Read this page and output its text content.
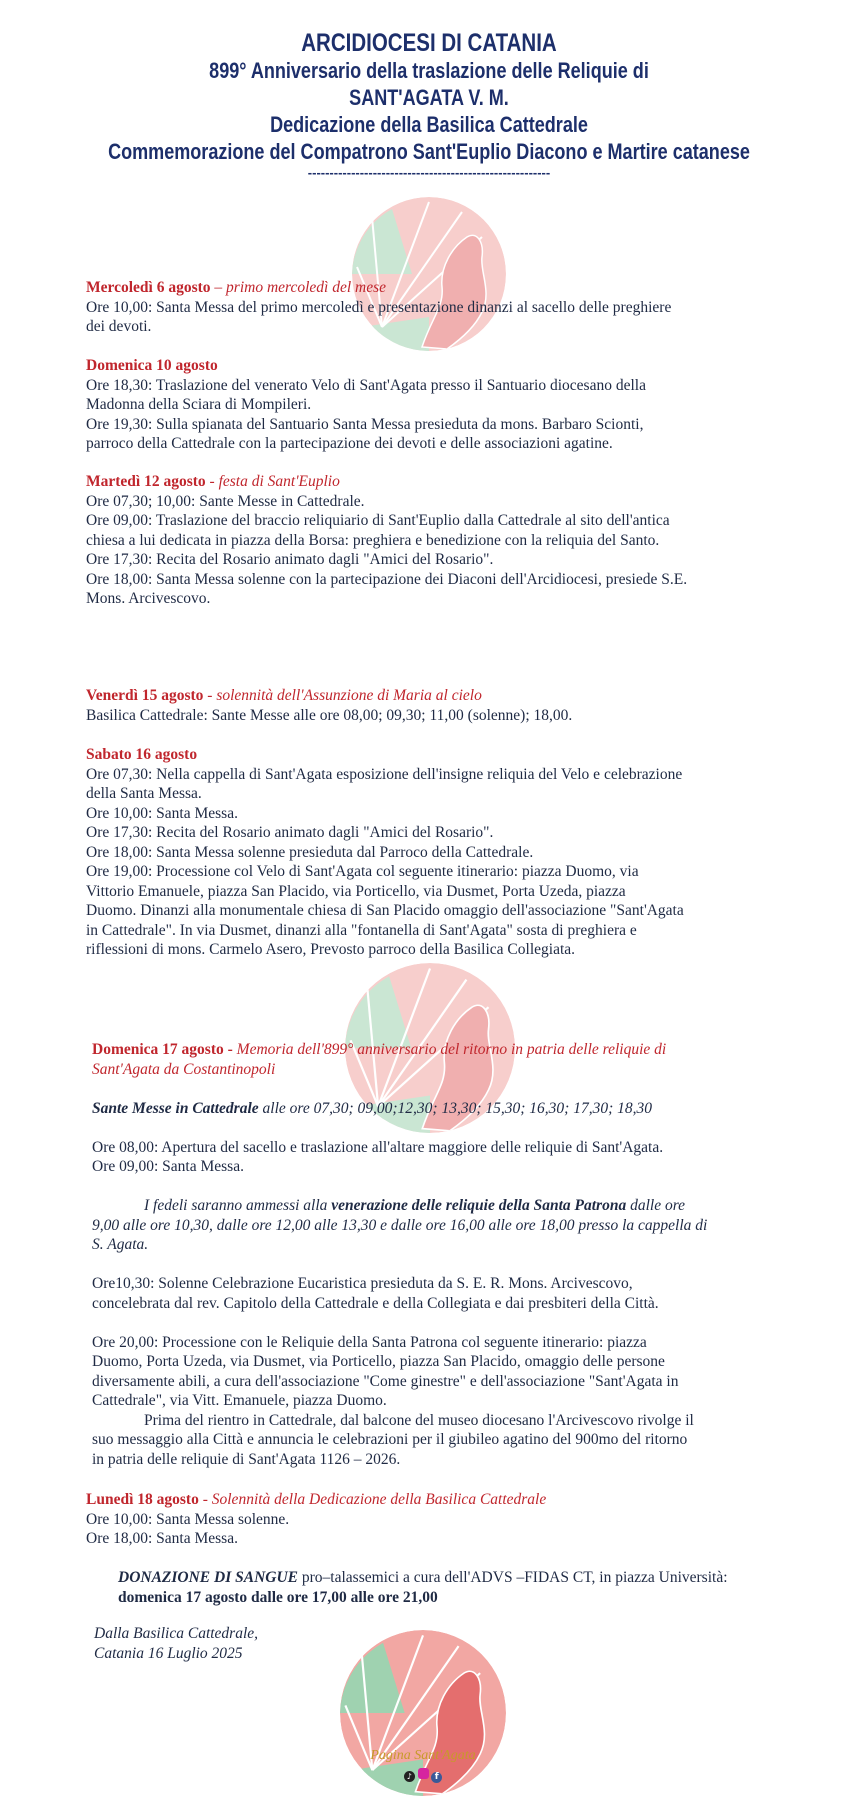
ARCIDIOCESI DI CATANIA
899° Anniversario della traslazione delle Reliquie di
SANT'AGATA V. M.
Dedicazione della Basilica Cattedrale
Commemorazione del Compatrono Sant'Euplio Diacono e Martire catanese
--------------------------------------------------------
Mercoledì 6 agosto – primo mercoledì del mese
Ore 10,00: Santa Messa del primo mercoledì e presentazione dinanzi al sacello delle preghiere
dei devoti.
Domenica 10 agosto
Ore 18,30: Traslazione del venerato Velo di Sant'Agata presso il Santuario diocesano della
Madonna della Sciara di Mompileri.
Ore 19,30: Sulla spianata del Santuario Santa Messa presieduta da mons. Barbaro Scionti,
parroco della Cattedrale con la partecipazione dei devoti e delle associazioni agatine.
Martedì 12 agosto - festa di Sant'Euplio
Ore 07,30; 10,00: Sante Messe in Cattedrale.
Ore 09,00: Traslazione del braccio reliquiario di Sant'Euplio dalla Cattedrale al sito dell'antica
chiesa a lui dedicata in piazza della Borsa: preghiera e benedizione con la reliquia del Santo.
Ore 17,30: Recita del Rosario animato dagli "Amici del Rosario".
Ore 18,00: Santa Messa solenne con la partecipazione dei Diaconi dell'Arcidiocesi, presiede S.E.
Mons. Arcivescovo.
Venerdì 15 agosto - solennità dell'Assunzione di Maria al cielo
Basilica Cattedrale: Sante Messe alle ore 08,00; 09,30; 11,00 (solenne); 18,00.
Sabato 16 agosto
Ore 07,30: Nella cappella di Sant'Agata esposizione dell'insigne reliquia del Velo e celebrazione
della Santa Messa.
Ore 10,00: Santa Messa.
Ore 17,30: Recita del Rosario animato dagli "Amici del Rosario".
Ore 18,00: Santa Messa solenne presieduta dal Parroco della Cattedrale.
Ore 19,00: Processione col Velo di Sant'Agata col seguente itinerario: piazza Duomo, via
Vittorio Emanuele, piazza San Placido, via Porticello, via Dusmet, Porta Uzeda, piazza
Duomo. Dinanzi alla monumentale chiesa di San Placido omaggio dell'associazione "Sant'Agata
in Cattedrale". In via Dusmet, dinanzi alla "fontanella di Sant'Agata" sosta di preghiera e
riflessioni di mons. Carmelo Asero, Prevosto parroco della Basilica Collegiata.
Domenica 17 agosto - Memoria dell'899° anniversario del ritorno in patria delle reliquie di
Sant'Agata da Costantinopoli
Sante Messe in Cattedrale alle ore 07,30; 09,00;12,30; 13,30; 15,30; 16,30; 17,30; 18,30
Ore 08,00: Apertura del sacello e traslazione all'altare maggiore delle reliquie di Sant'Agata.
Ore 09,00: Santa Messa.
I fedeli saranno ammessi alla venerazione delle reliquie della Santa Patrona dalle ore
9,00 alle ore 10,30, dalle ore 12,00 alle 13,30 e dalle ore 16,00 alle ore 18,00 presso la cappella di
S. Agata.
Ore10,30: Solenne Celebrazione Eucaristica presieduta da S. E. R. Mons. Arcivescovo,
concelebrata dal rev. Capitolo della Cattedrale e della Collegiata e dai presbiteri della Città.
Ore 20,00: Processione con le Reliquie della Santa Patrona col seguente itinerario: piazza
Duomo, Porta Uzeda, via Dusmet, via Porticello, piazza San Placido, omaggio delle persone
diversamente abili, a cura dell'associazione "Come ginestre" e dell'associazione "Sant'Agata in
Cattedrale", via Vitt. Emanuele, piazza Duomo.
Prima del rientro in Cattedrale, dal balcone del museo diocesano l'Arcivescovo rivolge il
suo messaggio alla Città e annuncia le celebrazioni per il giubileo agatino del 900mo del ritorno
in patria delle reliquie di Sant'Agata 1126 – 2026.
Lunedì 18 agosto - Solennità della Dedicazione della Basilica Cattedrale
Ore 10,00: Santa Messa solenne.
Ore 18,00: Santa Messa.
DONAZIONE DI SANGUE pro–talassemici a cura dell'ADVS –FIDAS CT, in piazza Università:
domenica 17 agosto dalle ore 17,00 alle ore 21,00
Dalla Basilica Cattedrale,
Catania 16 Luglio 2025
Pagina Sant'Agata
♪	f
